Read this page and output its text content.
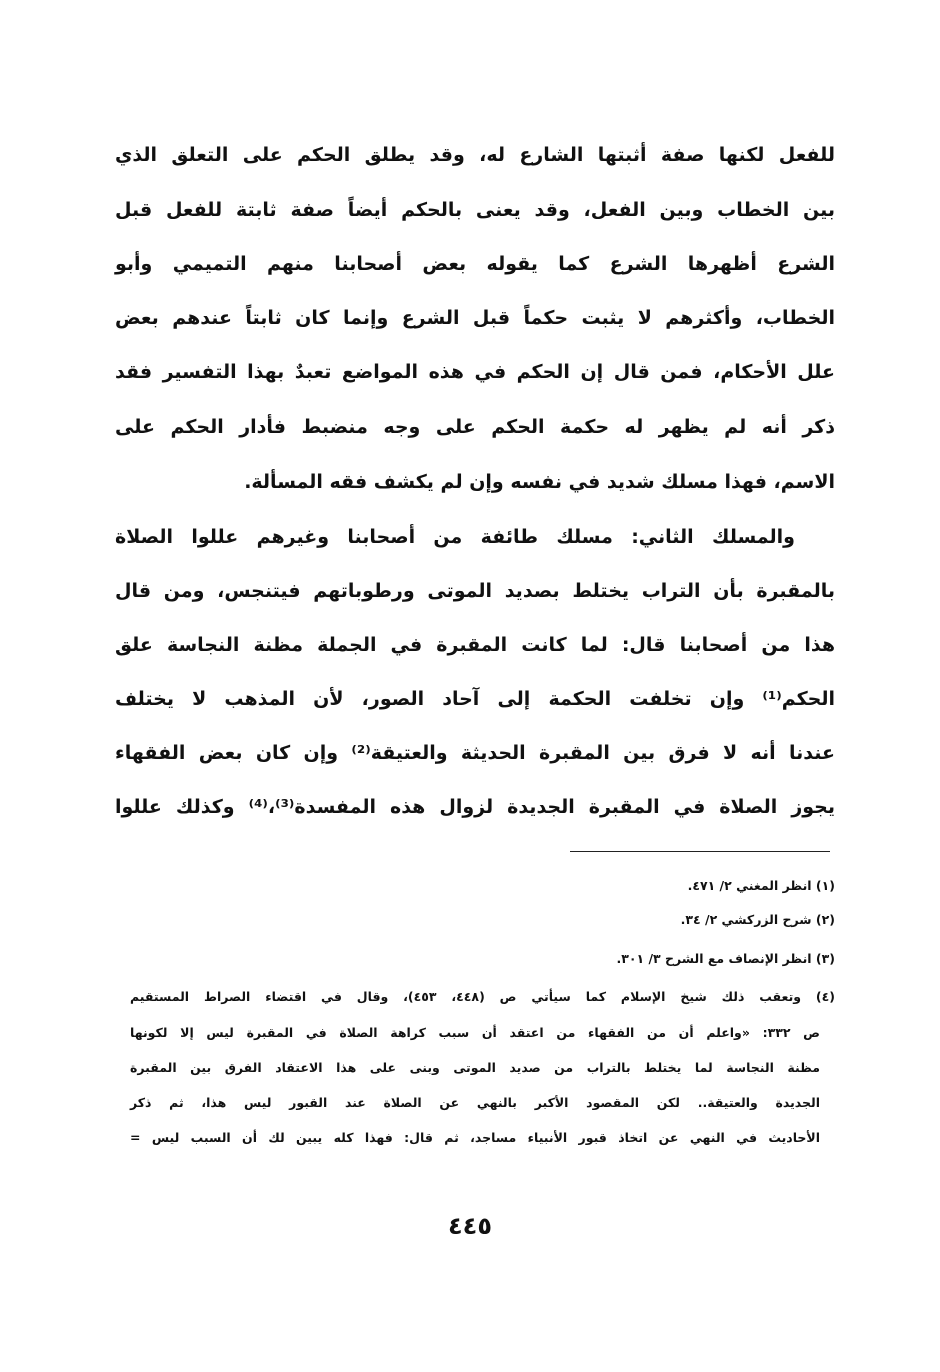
للفعل لكنها صفة أثبتها الشارع له، وقد يطلق الحكم على التعلق الذي
بين الخطاب وبين الفعل، وقد يعنى بالحكم أيضاً صفة ثابتة للفعل قبل
الشرع أظهرها الشرع كما يقوله بعض أصحابنا منهم التميمي وأبو
الخطاب، وأكثرهم لا يثبت حكماً قبل الشرع وإنما كان ثابتاً عندهم بعض
علل الأحكام، فمن قال إن الحكم في هذه المواضع تعبدٌ بهذا التفسير فقد
ذكر أنه لم يظهر له حكمة الحكم على وجه منضبط فأدار الحكم على
الاسم، فهذا مسلك شديد في نفسه وإن لم يكشف فقه المسألة.
والمسلك الثاني: مسلك طائفة من أصحابنا وغيرهم عللوا الصلاة
بالمقبرة بأن التراب يختلط بصديد الموتى ورطوباتهم فيتنجس، ومن قال
هذا من أصحابنا قال: لما كانت المقبرة في الجملة مظنة النجاسة علق
الحكم⁽¹⁾ وإن تخلفت الحكمة إلى آحاد الصور، لأن المذهب لا يختلف
عندنا أنه لا فرق بين المقبرة الحديثة والعتيقة⁽²⁾ وإن كان بعض الفقهاء
يجوز الصلاة في المقبرة الجديدة لزوال هذه المفسدة⁽³⁾،⁽⁴⁾ وكذلك عللوا
(١) انظر المغني ٢/ ٤٧١.
(٢) شرح الزركشي ٢/ ٣٤.
(٣) انظر الإنصاف مع الشرح ٣/ ٣٠١.
(٤) وتعقب ذلك شيخ الإسلام كما سيأتي ص (٤٤٨، ٤٥٣)، وقال في اقتضاء الصراط المستقيم
ص ٣٣٢: «واعلم أن من الفقهاء من اعتقد أن سبب كراهة الصلاة في المقبرة ليس إلا لكونها
مظنة النجاسة لما يختلط بالتراب من صديد الموتى وبنى على هذا الاعتقاد الفرق بين المقبرة
الجديدة والعتيقة.. لكن المقصود الأكبر بالنهي عن الصلاة عند القبور ليس هذا، ثم ذكر
الأحاديث في النهي عن اتخاذ قبور الأنبياء مساجد، ثم قال: فهذا كله يبين لك أن السبب ليس =
٤٤٥
